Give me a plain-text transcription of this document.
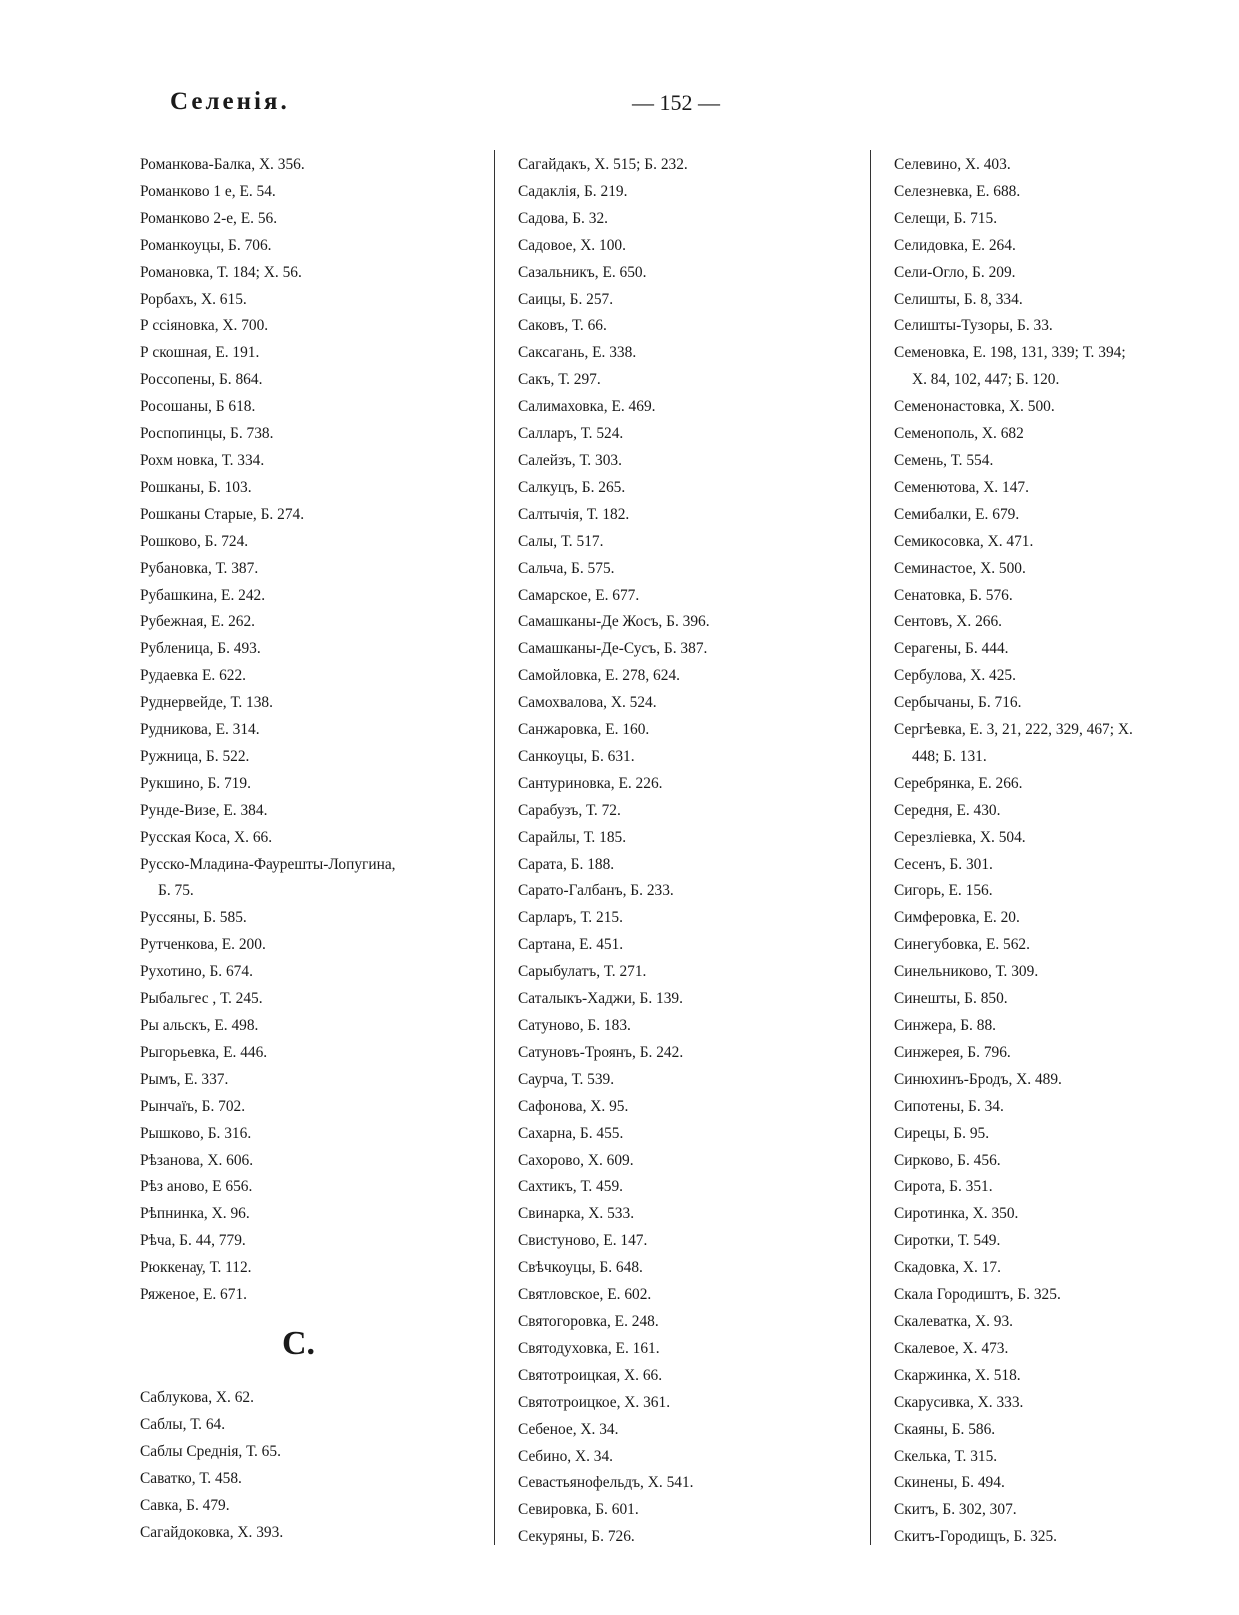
Селенія.	— 152 —
Романкова-Балка, Х. 356.
Романково 1 е, Е. 54.
Романково 2-е, Е. 56.
Романкоуцы, Б. 706.
Романовка, Т. 184; Х. 56.
Рорбахъ, Х. 615.
Р ссіяновка, Х. 700.
Р скошная, Е. 191.
Россопены, Б. 864.
Росошаны, Б 618.
Роспопинцы, Б. 738.
Рохм новка, Т. 334.
Рошканы, Б. 103.
Рошканы Старые, Б. 274.
Рошково, Б. 724.
Рубановка, Т. 387.
Рубашкина, Е. 242.
Рубежная, Е. 262.
Рубленица, Б. 493.
Рудаевка Е. 622.
Руднервейде, Т. 138.
Рудникова, Е. 314.
Ружница, Б. 522.
Рукшино, Б. 719.
Рунде-Визе, Е. 384.
Русская Коса, Х. 66.
Русско-Младина-Фаурешты-Лопугина,
Б. 75.
Руссяны, Б. 585.
Рутченкова, Е. 200.
Рухотино, Б. 674.
Рыбальгес , Т. 245.
Ры альскъ, Е. 498.
Рыгорьевка, Е. 446.
Рымъ, Е. 337.
Рынчаїъ, Б. 702.
Рышково, Б. 316.
Рѣзанова, Х. 606.
Рѣз аново, Е 656.
Рѣпнинка, Х. 96.
Рѣча, Б. 44, 779.
Рюккенау, Т. 112.
Ряженое, Е. 671.
С.
Саблукова, Х. 62.
Саблы, Т. 64.
Саблы Среднія, Т. 65.
Саватко, Т. 458.
Савка, Б. 479.
Сагайдоковка, Х. 393.
Сагайдакъ, Х. 515; Б. 232.
Садаклія, Б. 219.
Садова, Б. 32.
Садовое, Х. 100.
Сазальникъ, Е. 650.
Саицы, Б. 257.
Саковъ, Т. 66.
Саксагань, Е. 338.
Сакъ, Т. 297.
Салимаховка, Е. 469.
Салларъ, Т. 524.
Салейзъ, Т. 303.
Салкуцъ, Б. 265.
Салтычія, Т. 182.
Салы, Т. 517.
Сальча, Б. 575.
Самарское, Е. 677.
Самашканы-Де Жосъ, Б. 396.
Самашканы-Де-Сусъ, Б. 387.
Самойловка, Е. 278, 624.
Самохвалова, Х. 524.
Санжаровка, Е. 160.
Санкоуцы, Б. 631.
Сантуриновка, Е. 226.
Сарабузъ, Т. 72.
Сарайлы, Т. 185.
Сарата, Б. 188.
Сарато-Галбанъ, Б. 233.
Сарларъ, Т. 215.
Сартана, Е. 451.
Сарыбулатъ, Т. 271.
Саталыкъ-Хаджи, Б. 139.
Сатуново, Б. 183.
Сатуновъ-Троянъ, Б. 242.
Саурча, Т. 539.
Сафонова, Х. 95.
Сахарна, Б. 455.
Сахорово, Х. 609.
Сахтикъ, Т. 459.
Свинарка, Х. 533.
Свистуново, Е. 147.
Свѣчкоуцы, Б. 648.
Святловское, Е. 602.
Святогоровка, Е. 248.
Святодуховка, Е. 161.
Святотроицкая, Х. 66.
Святотроицкое, Х. 361.
Себеное, Х. 34.
Себино, Х. 34.
Севастьянофельдъ, Х. 541.
Севировка, Б. 601.
Секуряны, Б. 726.
Селевино, Х. 403.
Селезневка, Е. 688.
Селещи, Б. 715.
Селидовка, Е. 264.
Сели-Огло, Б. 209.
Селишты, Б. 8, 334.
Селишты-Тузоры, Б. 33.
Семеновка, Е. 198, 131, 339; Т. 394;
Х. 84, 102, 447; Б. 120.
Семенонастовка, Х. 500.
Семенополь, Х. 682
Семень, Т. 554.
Семенютова, Х. 147.
Семибалки, Е. 679.
Семикосовка, Х. 471.
Семинастое, Х. 500.
Сенатовка, Б. 576.
Сентовъ, Х. 266.
Серагены, Б. 444.
Сербулова, Х. 425.
Сербычаны, Б. 716.
Сергѣевка, Е. 3, 21, 222, 329, 467; Х.
448; Б. 131.
Серебрянка, Е. 266.
Середня, Е. 430.
Серезліевка, Х. 504.
Сесенъ, Б. 301.
Сигорь, Е. 156.
Симферовка, Е. 20.
Синегубовка, Е. 562.
Синельниково, Т. 309.
Синешты, Б. 850.
Синжера, Б. 88.
Синжерея, Б. 796.
Синюхинъ-Бродъ, Х. 489.
Сипотены, Б. 34.
Сирецы, Б. 95.
Сирково, Б. 456.
Сирота, Б. 351.
Сиротинка, Х. 350.
Сиротки, Т. 549.
Скадовка, Х. 17.
Скала Городиштъ, Б. 325.
Скалеватка, Х. 93.
Скалевое, Х. 473.
Скаржинка, Х. 518.
Скарусивка, Х. 333.
Скаяны, Б. 586.
Скелька, Т. 315.
Скинены, Б. 494.
Скитъ, Б. 302, 307.
Скитъ-Городищъ, Б. 325.
